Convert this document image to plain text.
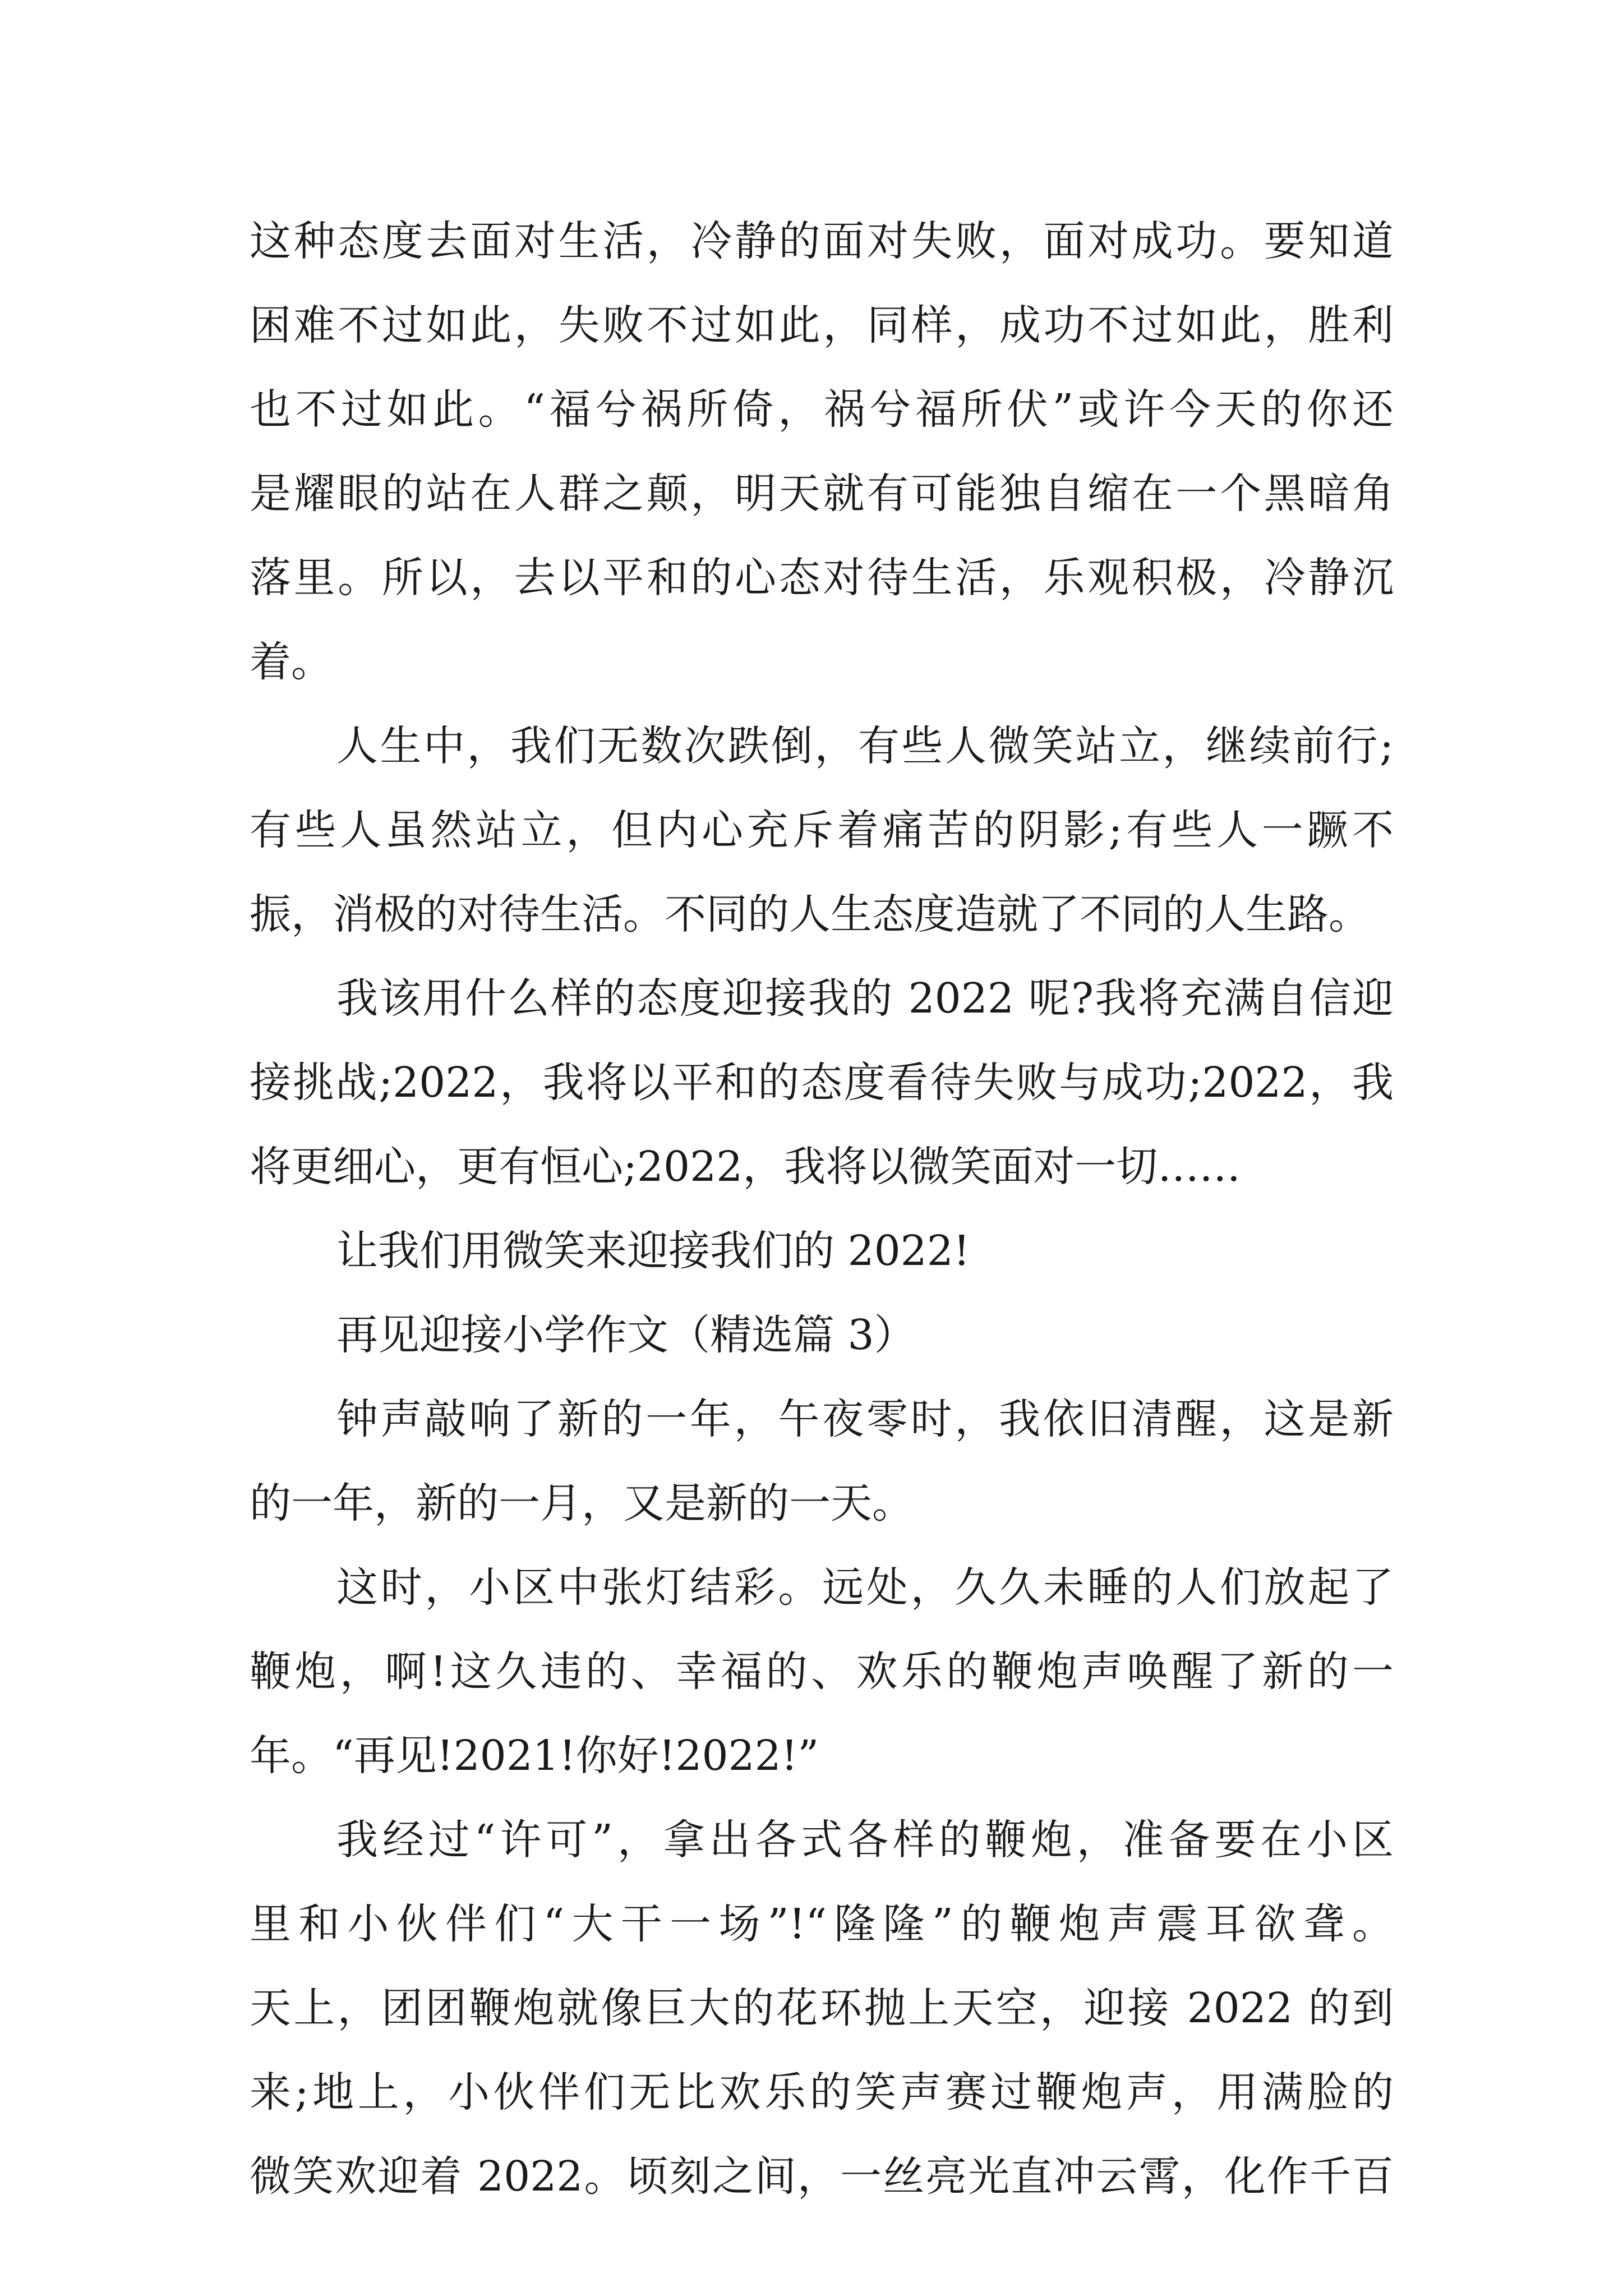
这种态度去面对生活，冷静的面对失败，面对成功。要知道
困难不过如此，失败不过如此，同样，成功不过如此，胜利
也不过如此。“福兮祸所倚，祸兮福所伏”或许今天的你还
是耀眼的站在人群之颠，明天就有可能独自缩在一个黑暗角
落里。所以，去以平和的心态对待生活，乐观积极，冷静沉
着。
人生中，我们无数次跌倒，有些人微笑站立，继续前行;
有些人虽然站立，但内心充斥着痛苦的阴影;有些人一蹶不
振，消极的对待生活。不同的人生态度造就了不同的人生路。
我该用什么样的态度迎接我的 2022 呢?我将充满自信迎
接挑战;2022，我将以平和的态度看待失败与成功;2022，我
将更细心，更有恒心;2022，我将以微笑面对一切……
让我们用微笑来迎接我们的 2022!
再见迎接小学作文（精选篇 3）
钟声敲响了新的一年，午夜零时，我依旧清醒，这是新
的一年，新的一月，又是新的一天。
这时，小区中张灯结彩。远处，久久未睡的人们放起了
鞭炮，啊!这久违的、幸福的、欢乐的鞭炮声唤醒了新的一
年。“再见!2021!你好!2022!”
我经过“许可”，拿出各式各样的鞭炮，准备要在小区
里和小伙伴们“大干一场”!“隆隆”的鞭炮声震耳欲聋。
天上，团团鞭炮就像巨大的花环抛上天空，迎接 2022 的到
来;地上，小伙伴们无比欢乐的笑声赛过鞭炮声，用满脸的
微笑欢迎着 2022。顷刻之间，一丝亮光直冲云霄，化作千百
